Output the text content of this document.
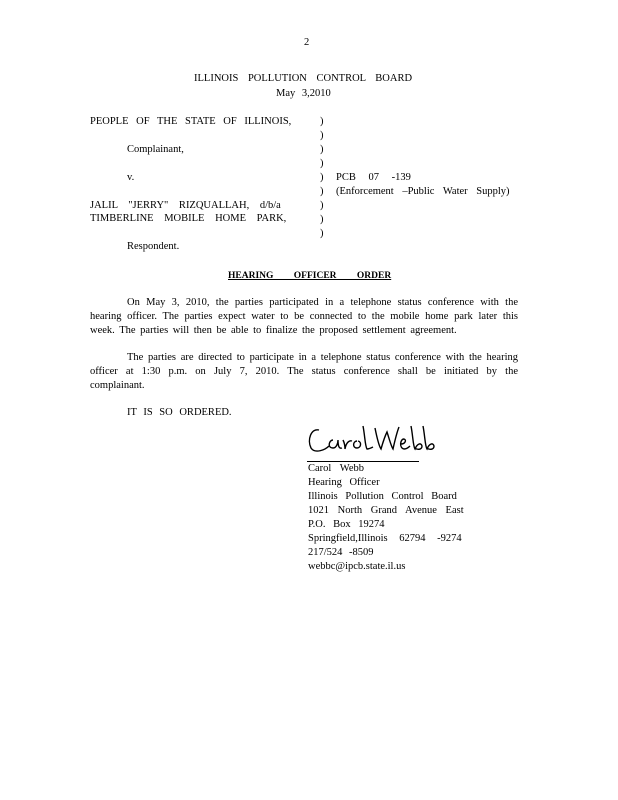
2
ILLINOIS POLLUTION CONTROL BOARD
May 3,2010
PEOPLE OF THE STATE OF ILLINOIS,
Complainant,
v.
JALIL "JERRY" RIZQUALLAH, d/b/a
TIMBERLINE MOBILE HOME PARK,
Respondent.
)
)
)
)
)
)
)
)
)
PCB 07 -139
(Enforcement –Public Water Supply)
HEARING OFFICER ORDER
On May 3, 2010, the parties participated in a telephone status conference with the hearing officer. The parties expect water to be connected to the mobile home park later this week. The parties will then be able to finalize the proposed settlement agreement.
The parties are directed to participate in a telephone status conference with the hearing officer at 1:30 p.m. on July 7, 2010. The status conference shall be initiated by the complainant.
IT IS SO ORDERED.
Carol Webb
Hearing Officer
Illinois Pollution Control Board
1021 North Grand Avenue East
P.O. Box 19274
Springfield,Illinois 62794 -9274
217/524 -8509
webbc@ipcb.state.il.us
